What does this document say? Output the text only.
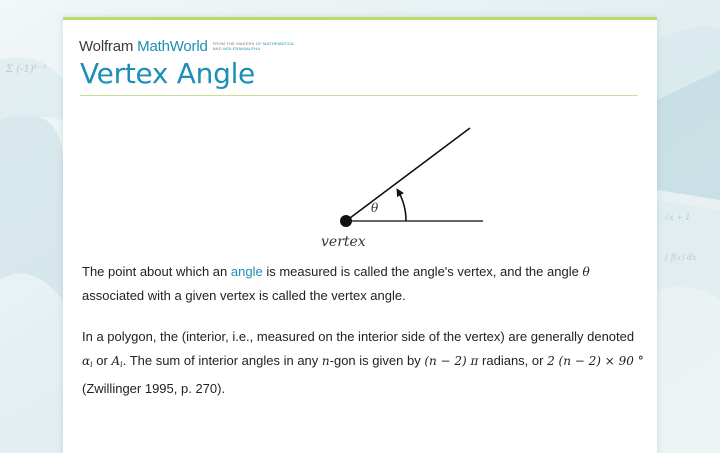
Σ (-1)ᵏ⁻¹
√x + 1
∫ f(x) dx
Wolfram MathWorld FROM THE MAKERS OF MATHEMATICA
AND WOLFRAM|ALPHA
Vertex Angle
θ
vertex

The point about which an angle is measured is called the angle's vertex, and the angle θ associated with a given vertex is called the vertex angle.

In a polygon, the (interior, i.e., measured on the interior side of the vertex) are generally denoted $\alpha_i$ or $A_i$. The sum of interior angles in any n-gon is given by (n − 2) π radians, or 2 (n − 2) × 90 ° (Zwillinger 1995, p. 270).
